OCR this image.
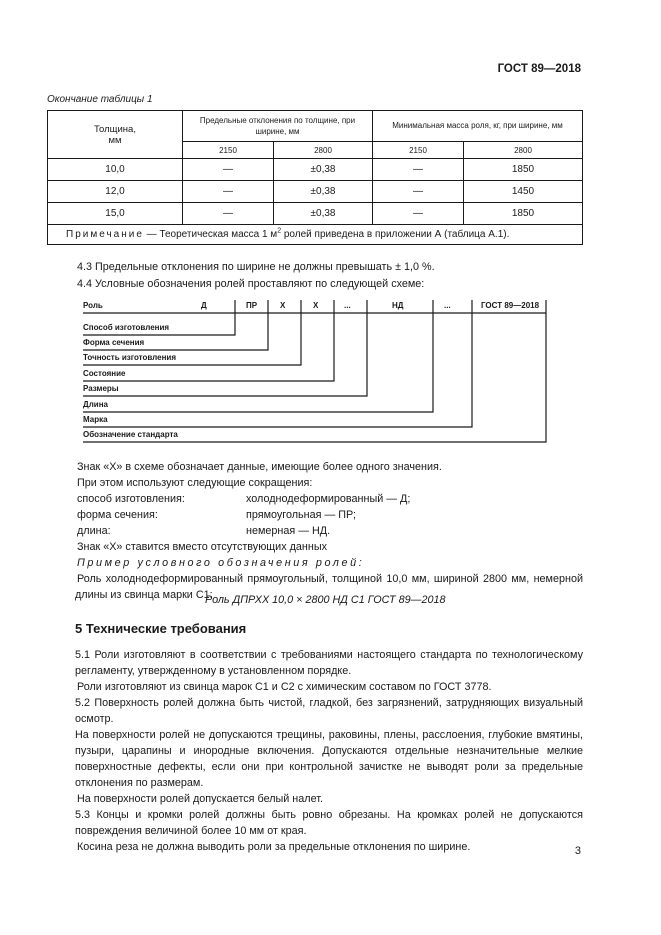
ГОСТ 89—2018
Окончание таблицы 1
Толщина,
мм	Предельные отклонения по толщине, при ширине, мм		Минимальная масса роля, кг, при ширине, мм	
	2150	2800	2150	2800
10,0	—	±0,38	—	1850
12,0	—	±0,38	—	1450
15,0	—	±0,38	—	1850
Примечание — Теоретическая масса 1 $м^2$ ролей приведена в приложении А (таблица А.1).				
4.3 Предельные отклонения по ширине не должны превышать ± 1,0 %.
4.4 Условные обозначения ролей проставляют по следующей схеме:
Роль	Д	ПР	Х	Х	...	НД	...	ГОСТ 89—2018
Способ изготовления
Форма сечения
Точность изготовления
Состояние
Размеры
Длина
Марка
Обозначение стандарта
Знак «Х» в схеме обозначает данные, имеющие более одного значения.
При этом используют следующие сокращения:
способ изготовления:	холоднодеформированный — Д;
форма сечения:	прямоугольная — ПР;
длина:	немерная — НД.
Знак «Х» ставится вместо отсутствующих данных
Пример условного обозначения ролей:
Роль холоднодеформированный прямоугольный, толщиной 10,0 мм, шириной 2800 мм, немерной длины из свинца марки С1:
Роль ДПРХХ 10,0 × 2800 НД С1 ГОСТ 89—2018
5 Технические требования
5.1 Роли изготовляют в соответствии с требованиями настоящего стандарта по технологическому регламенту, утвержденному в установленном порядке.
Роли изготовляют из свинца марок С1 и С2 с химическим составом по ГОСТ 3778.
5.2 Поверхность ролей должна быть чистой, гладкой, без загрязнений, затрудняющих визуальный осмотр.
На поверхности ролей не допускаются трещины, раковины, плены, расслоения, глубокие вмятины, пузыри, царапины и инородные включения. Допускаются отдельные незначительные мелкие поверхностные дефекты, если они при контрольной зачистке не выводят роли за предельные отклонения по размерам.
На поверхности ролей допускается белый налет.
5.3 Концы и кромки ролей должны быть ровно обрезаны. На кромках ролей не допускаются повреждения величиной более 10 мм от края.
Косина реза не должна выводить роли за предельные отклонения по ширине.	3
